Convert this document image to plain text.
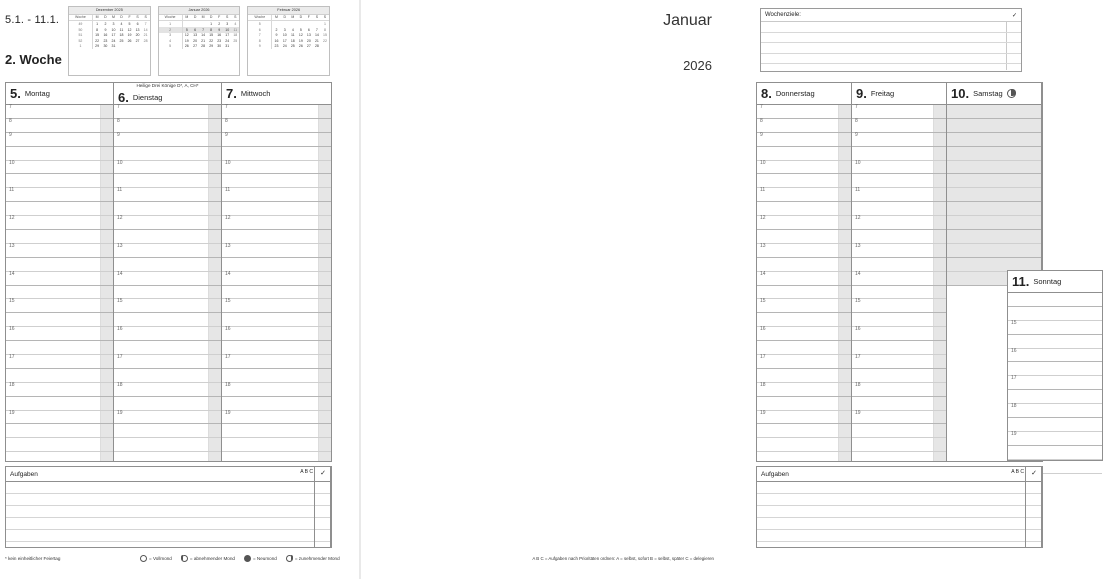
5.1. - 11.1.
2. Woche
Dezember 2025
Woche	M	D	M	D	F	S	S
49	1	2	3	4	5	6	7
50	8	9	10	11	12	13	14
51	15	16	17	18	19	20	21
52	22	23	24	25	26	27	28
1	29	30	31				
Januar 2026
Woche	M	D	M	D	F	S	S
1				1	2	3	4
2	5	6	7	8	9	10	11
3	12	13	14	15	16	17	18
4	19	20	21	22	23	24	25
5	26	27	28	29	30	31	
Februar 2026
Woche	M	D	M	D	F	S	S
5							1
6	2	3	4	5	6	7	8
7	9	10	11	12	13	14	15
8	16	17	18	19	20	21	22
9	23	24	25	26	27	28	
5. Montag
7
8
9
10
11
12
13
14
15
16
17
18
19
Heilige Drei Könige D*, A, CH*
6. Dienstag
7
8
9
10
11
12
13
14
15
16
17
18
19
7. Mittwoch
7
8
9
10
11
12
13
14
15
16
17
18
19
Aufgaben	A B C ✓
* kein einheitlicher Feiertag	= Vollmond	= abnehmender Mond	= Neumond	= zunehmender Mond
Wochenziele:	✓
Januar
2026
8. Donnerstag
7
8
9
10
11
12
13
14
15
16
17
18
19
9. Freitag
7
8
9
10
11
12
13
14
15
16
17
18
19
10. Samstag
11. Sonntag
15
16
17
18
19
Aufgaben	A B C ✓
A B C = Aufgaben nach Prioritäten ordnen: A = selbst, sofort B = selbst, später C = delegieren
